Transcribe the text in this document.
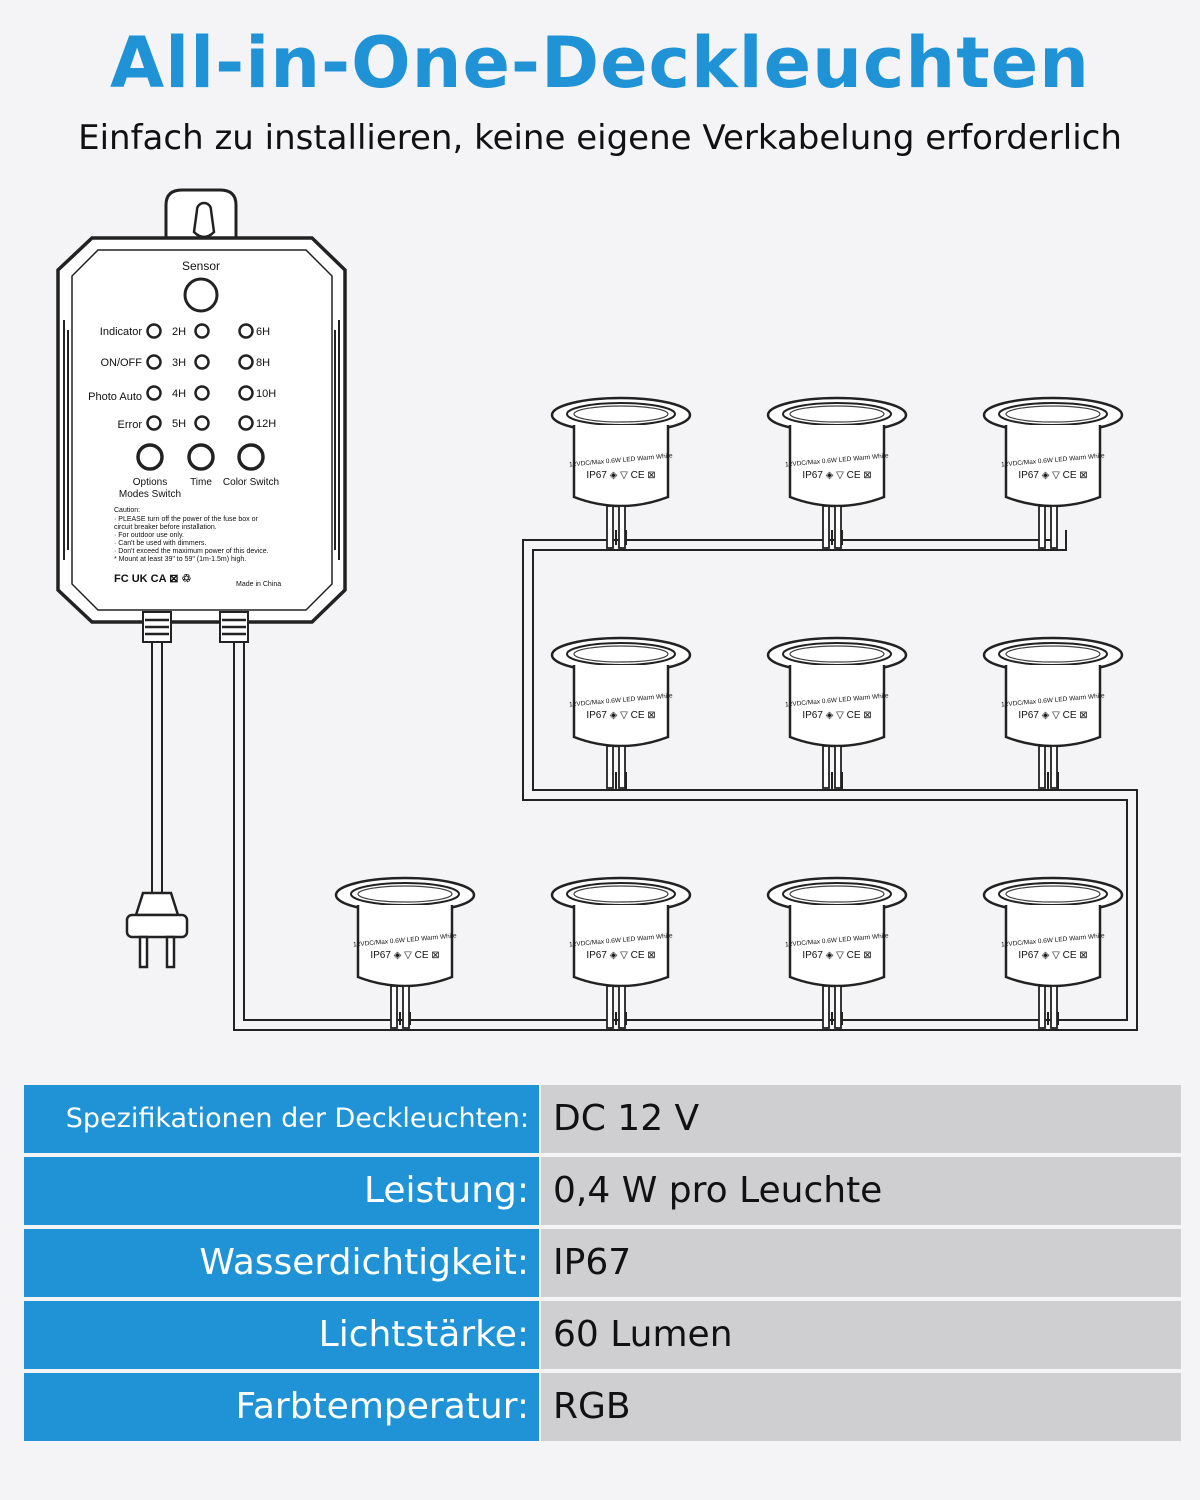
All-in-One-Deckleuchten
Einfach zu installieren, keine eigene Verkabelung erforderlich
12VDC/Max 0.6W LED Warm White
IP67 ◈ ▽ CE ⊠
12VDC/Max 0.6W LED Warm White
IP67 ◈ ▽ CE ⊠
12VDC/Max 0.6W LED Warm White
IP67 ◈ ▽ CE ⊠
12VDC/Max 0.6W LED Warm White
IP67 ◈ ▽ CE ⊠
12VDC/Max 0.6W LED Warm White
IP67 ◈ ▽ CE ⊠
12VDC/Max 0.6W LED Warm White
IP67 ◈ ▽ CE ⊠
12VDC/Max 0.6W LED Warm White
IP67 ◈ ▽ CE ⊠
12VDC/Max 0.6W LED Warm White
IP67 ◈ ▽ CE ⊠
12VDC/Max 0.6W LED Warm White
IP67 ◈ ▽ CE ⊠
12VDC/Max 0.6W LED Warm White
IP67 ◈ ▽ CE ⊠
Sensor
Indicator
ON/OFF
Photo Auto
Error
2H
3H
4H
5H
6H
8H
10H
12H
Options
Modes Switch
Time Color Switch
Caution:
· PLEASE turn off the power of the fuse box or
circuit breaker before installation.
· For outdoor use only.
· Can't be used with dimmers.
· Don't exceed the maximum power of this device.
* Mount at least 39" to 59" (1m-1.5m) high.
FC UK CA ⊠ ♲	Made in China
Spezifikationen der Deckleuchten: DC 12 V
Leistung: 0,4 W pro Leuchte
Wasserdichtigkeit: IP67
Lichtstärke: 60 Lumen
Farbtemperatur: RGB
